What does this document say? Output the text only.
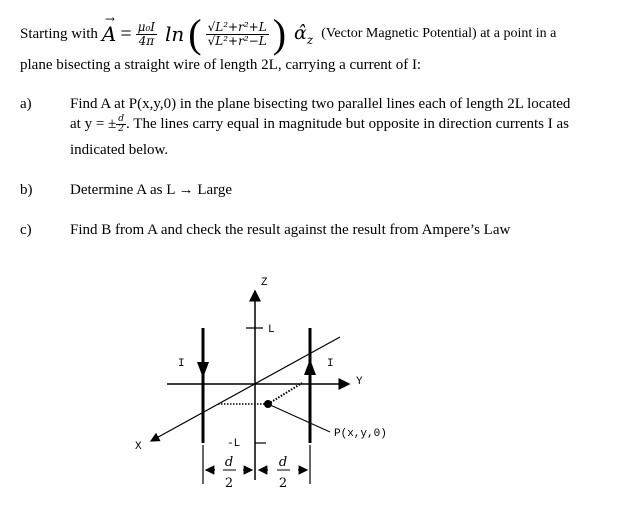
Starting with A
→
= $\frac{\text{μ₀I}}{4\pi}$ ln ( $\frac{\text{√L²+r²+L}}{\text{√L²+r²−L}}$ ) $\alphâ_z$ (Vector Magnetic Potential) at a point in a
plane bisecting a straight wire of length 2L, carrying a current of I:
a)	Find A at P(x,y,0) in the plane bisecting two parallel lines each of length 2L located
at y = ± $\frac{d}{2}$ . The lines carry equal in magnitude but opposite in direction currents I as
indicated below.
b)	Determine A as L → Large
c)	Find B from A and check the result against the result from Ampere’s Law
Z
Y
X
L
-L
I	I
P(x,y,0)
d
2
d
2
